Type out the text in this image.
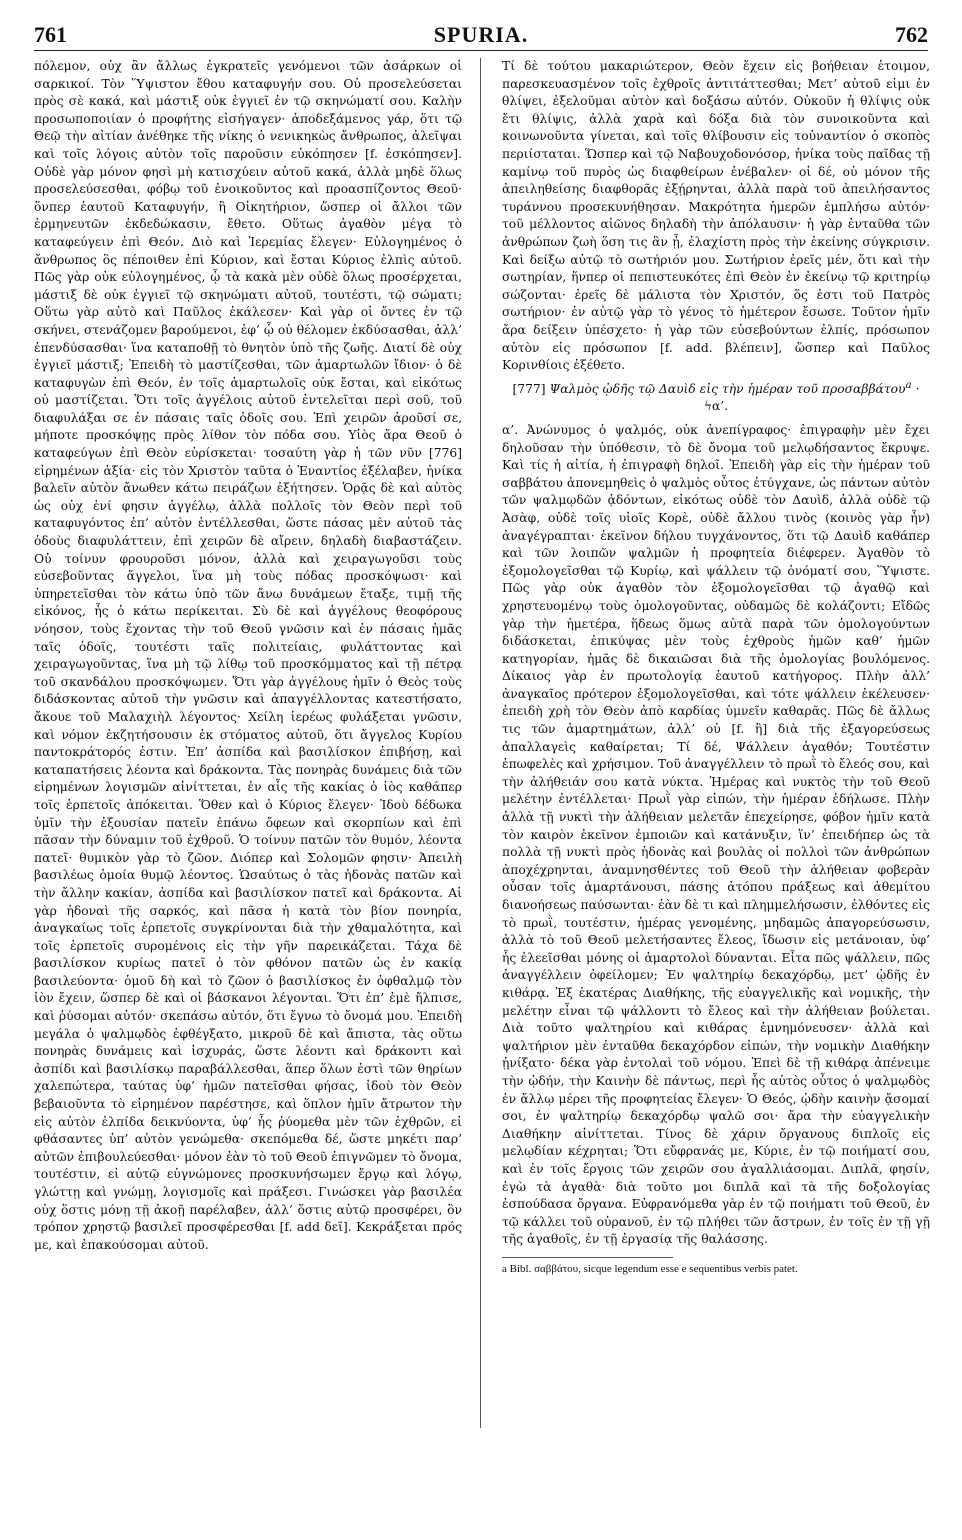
761	SPURIA.	762

πόλεμον, οὐχ ἂν ἄλλως ἐγκρατεῖς γενόμενοι τῶν ἀσάρκων οἱ σαρκικοί. Τὸν Ὕψιστον ἔθου καταφυγήν σου. Οὐ προσελεύσεται πρὸς σὲ κακά, καὶ μάστιξ οὐκ ἐγγιεῖ ἐν τῷ σκηνώματί σου. Καλὴν προσωποποιίαν ὁ προφήτης εἰσήγαγεν· ἀποδεξάμενος γάρ, ὅτι τῷ Θεῷ τὴν αἰτίαν ἀνέθηκε τῆς νίκης ὁ νενικηκὼς ἄνθρωπος, ἀλεῖψαι καὶ τοῖς λόγοις αὐτὸν τοῖς παροῦσιν εὐκόπησεν [f. ἐσκόπησεν]. Οὐδὲ γὰρ μόνον φησὶ μὴ κατισχύειν αὐτοῦ κακά, ἀλλὰ μηδὲ ὅλως προσελεύσεσθαι, φόβῳ τοῦ ἐνοικοῦντος καὶ προασπίζοντος Θεοῦ· ὅνπερ ἑαυτοῦ Καταφυγήν, ἢ Οἰκητήριον, ὥσπερ οἱ ἄλλοι τῶν ἑρμηνευτῶν ἐκδεδώκασιν, ἔθετο. Οὕτως ἀγαθὸν μέγα τὸ καταφεύγειν ἐπὶ Θεόν. Διὸ καὶ Ἱερεμίας ἔλεγεν· Εὐλογημένος ὁ ἄνθρωπος ὃς πέποιθεν ἐπὶ Κύριον, καὶ ἔσται Κύριος ἐλπὶς αὐτοῦ. Πῶς γὰρ οὐκ εὐλογημένος, ᾧ τὰ κακὰ μὲν οὐδὲ ὅλως προσέρχεται, μάστιξ δὲ οὐκ ἐγγιεῖ τῷ σκηνώματι αὐτοῦ, τουτέστι, τῷ σώματι; Οὕτω γὰρ αὐτὸ καὶ Παῦλος ἐκάλεσεν· Καὶ γὰρ οἱ ὄντες ἐν τῷ σκήνει, στενάζομεν βαρούμενοι, ἐφ’ ᾧ οὐ θέλομεν ἐκδύσασθαι, ἀλλ’ ἐπενδύσασθαι· ἵνα καταποθῇ τὸ θνητὸν ὑπὸ τῆς ζωῆς. Διατί δὲ οὐχ ἐγγιεῖ μάστιξ; Ἐπειδὴ τὸ μαστίζεσθαι, τῶν ἁμαρτωλῶν ἴδιον· ὁ δὲ καταφυγὼν ἐπὶ Θεόν, ἐν τοῖς ἁμαρτωλοῖς οὐκ ἔσται, καὶ εἰκότως οὐ μαστίζεται. Ὅτι τοῖς ἀγγέλοις αὐτοῦ ἐντελεῖται περὶ σοῦ, τοῦ διαφυλάξαι σε ἐν πάσαις ταῖς ὁδοῖς σου. Ἐπὶ χειρῶν ἀροῦσί σε, μήποτε προσκόψῃς πρὸς λίθον τὸν πόδα σου. Υἱὸς ἄρα Θεοῦ ὁ καταφεύγων ἐπὶ Θεὸν εὑρίσκεται· τοσαύτη γὰρ ἡ τῶν νῦν [776] εἰρημένων ἀξία· εἰς τὸν Χριστὸν ταῦτα ὁ Ἐναντίος ἐξέλαβεν, ἡνίκα βαλεῖν αὐτὸν ἄνωθεν κάτω πειράζων ἐξήτησεν. Ὁρᾷς δὲ καὶ αὐτὸς ὡς οὐχ ἑνί φησιν ἀγγέλῳ, ἀλλὰ πολλοῖς τὸν Θεὸν περὶ τοῦ καταφυγόντος ἐπ’ αὐτὸν ἐντέλλεσθαι, ὥστε πάσας μὲν αὐτοῦ τὰς ὁδοὺς διαφυλάττειν, ἐπὶ χειρῶν δὲ αἴρειν, δηλαδὴ διαβαστάζειν. Οὐ τοίνυν φρουροῦσι μόνον, ἀλλὰ καὶ χειραγωγοῦσι τοὺς εὐσεβοῦντας ἄγγελοι, ἵνα μὴ τοὺς πόδας προσκόψωσι· καὶ ὑπηρετεῖσθαι τὸν κάτω ὑπὸ τῶν ἄνω δυνάμεων ἔταξε, τιμῇ τῆς εἰκόνος, ἧς ὁ κάτω περίκειται. Σὺ δὲ καὶ ἀγγέλους θεοφόρους νόησον, τοὺς ἔχοντας τὴν τοῦ Θεοῦ γνῶσιν καὶ ἐν πάσαις ἡμᾶς ταῖς ὁδοῖς, τουτέστι ταῖς πολιτείαις, φυλάττοντας καὶ χειραγωγοῦντας, ἵνα μὴ τῷ λίθῳ τοῦ προσκόμματος καὶ τῇ πέτρᾳ τοῦ σκανδάλου προσκόψωμεν. Ὅτι γὰρ ἀγγέλους ἡμῖν ὁ Θεὸς τοὺς διδάσκοντας αὐτοῦ τὴν γνῶσιν καὶ ἀπαγγέλλοντας κατεστήσατο, ἄκουε τοῦ Μαλαχιὴλ λέγοντος· Χείλη ἱερέως φυλάξεται γνῶσιν, καὶ νόμον ἐκζητήσουσιν ἐκ στόματος αὐτοῦ, ὅτι ἄγγελος Κυρίου παντοκράτορός ἐστιν. Ἐπ’ ἀσπίδα καὶ βασιλίσκον ἐπιβήσῃ, καὶ καταπατήσεις λέοντα καὶ δράκοντα. Τὰς πονηρὰς δυνάμεις διὰ τῶν εἰρημένων λογισμῶν αἰνίττεται, ἐν αἷς τῆς κακίας ὁ ἰὸς καθάπερ τοῖς ἑρπετοῖς ἀπόκειται. Ὅθεν καὶ ὁ Κύριος ἔλεγεν· Ἰδοὺ δέδωκα ὑμῖν τὴν ἐξουσίαν πατεῖν ἐπάνω ὄφεων καὶ σκορπίων καὶ ἐπὶ πᾶσαν τὴν δύναμιν τοῦ ἐχθροῦ. Ὁ τοίνυν πατῶν τὸν θυμόν, λέοντα πατεῖ· θυμικὸν γὰρ τὸ ζῶον. Διόπερ καὶ Σολομῶν φησιν· Ἀπειλὴ βασιλέως ὁμοία θυμῷ λέοντος. Ὡσαύτως ὁ τὰς ἡδονὰς πατῶν καὶ τὴν ἄλλην κακίαν, ἀσπίδα καὶ βασιλίσκον πατεῖ καὶ δράκοντα. Αἱ γὰρ ἡδοναὶ τῆς σαρκός, καὶ πᾶσα ἡ κατὰ τὸν βίον πονηρία, ἀναγκαίως τοῖς ἑρπετοῖς συγκρίνονται διὰ τὴν χθαμαλότητα, καὶ τοῖς ἑρπετοῖς συρομένοις εἰς τὴν γῆν παρεικάζεται. Τάχα δὲ βασιλίσκον κυρίως πατεῖ ὁ τὸν φθόνον πατῶν ὡς ἐν κακίᾳ βασιλεύοντα· ὁμοῦ δὴ καὶ τὸ ζῶον ὁ βασιλίσκος ἐν ὀφθαλμῷ τὸν ἰὸν ἔχειν, ὥσπερ δὲ καὶ οἱ βάσκανοι λέγονται. Ὅτι ἐπ’ ἐμὲ ἤλπισε, καὶ ῥύσομαι αὐτόν· σκεπάσω αὐτόν, ὅτι ἔγνω τὸ ὄνομά μου. Ἐπειδὴ μεγάλα ὁ ψαλμῳδὸς ἐφθέγξατο, μικροῦ δὲ καὶ ἄπιστα, τὰς οὕτω πονηρὰς δυνάμεις καὶ ἰσχυράς, ὥστε λέοντι καὶ δράκοντι καὶ ἀσπίδι καὶ βασιλίσκῳ παραβάλλεσθαι, ἅπερ ὅλων ἐστὶ τῶν θηρίων χαλεπώτερα, ταύτας ὑφ’ ἡμῶν πατεῖσθαι φήσας, ἰδοὺ τὸν Θεὸν βεβαιοῦντα τὸ εἰρημένον παρέστησε, καὶ ὅπλον ἡμῖν ἄτρωτον τὴν εἰς αὐτὸν ἐλπίδα δεικνύοντα, ὑφ’ ἧς ῥύομεθα μὲν τῶν ἐχθρῶν, εἰ φθάσαντες ὑπ’ αὐτὸν γενώμεθα· σκεπόμεθα δέ, ὥστε μηκέτι παρ’ αὐτῶν ἐπιβουλεύεσθαι· μόνον ἐὰν τὸ τοῦ Θεοῦ ἐπιγνῶμεν τὸ ὄνομα, τουτέστιν, εἰ αὐτῷ εὐγνώμονες προσκυνήσωμεν ἔργῳ καὶ λόγῳ, γλώττῃ καὶ γνώμῃ, λογισμοῖς καὶ πράξεσι. Γινώσκει γὰρ βασιλέα οὐχ ὅστις μόνῃ τῇ ἀκοῇ παρέλαβεν, ἀλλ’ ὅστις αὐτῷ προσφέρει, ὃν τρόπον χρηστῷ βασιλεῖ προσφέρεσθαι [f. add δεῖ]. Κεκράξεται πρός με, καὶ ἐπακούσομαι αὐτοῦ.

Τί δὲ τούτου μακαριώτερον, Θεὸν ἔχειν εἰς βοήθειαν ἑτοιμον, παρεσκευασμένον τοῖς ἐχθροῖς ἀντιτάττεσθαι; Μετ’ αὐτοῦ εἰμι ἐν θλίψει, ἐξελοῦμαι αὐτὸν καὶ δοξάσω αὐτόν. Οὐκοῦν ἡ θλίψις οὐκ ἔτι θλίψις, ἀλλὰ χαρὰ καὶ δόξα διὰ τὸν συνοικοῦντα καὶ κοινωνοῦντα γίνεται, καὶ τοῖς θλίβουσιν εἰς τοὐναντίον ὁ σκοπὸς περιίσταται. Ὥσπερ καὶ τῷ Ναβουχοδονόσορ, ἡνίκα τοὺς παῖδας τῇ καμίνῳ τοῦ πυρὸς ὡς διαφθείρων ἐνέβαλεν· οἱ δέ, οὐ μόνον τῆς ἀπειληθείσης διαφθορᾶς ἐξῄρηνται, ἀλλὰ παρὰ τοῦ ἀπειλήσαντος τυράννου προσεκυνήθησαν. Μακρότητα ἡμερῶν ἐμπλήσω αὐτόν· τοῦ μέλλοντος αἰῶνος δηλαδὴ τὴν ἀπόλαυσιν· ἡ γὰρ ἐνταῦθα τῶν ἀνθρώπων ζωὴ ὅση τις ἂν ᾖ, ἐλαχίστη πρὸς τὴν ἐκείνης σύγκρισιν. Καὶ δείξω αὐτῷ τὸ σωτήριόν μου. Σωτήριον ἐρεῖς μέν, ὅτι καὶ τὴν σωτηρίαν, ἥνπερ οἱ πεπιστευκότες ἐπὶ Θεὸν ἐν ἐκείνῳ τῷ κριτηρίῳ σώζονται· ἐρεῖς δὲ μάλιστα τὸν Χριστόν, ὅς ἐστι τοῦ Πατρὸς σωτήριον· ἐν αὐτῷ γὰρ τὸ γένος τὸ ἡμέτερον ἔσωσε. Τοῦτον ἡμῖν ἄρα δείξειν ὑπέσχετο· ἡ γὰρ τῶν εὐσεβούντων ἐλπίς, πρόσωπον αὐτὸν εἰς πρόσωπον [f. add. βλέπειν], ὥσπερ καὶ Παῦλος Κορινθίοις ἐξέθετο.

[777] Ψαλμὸς ᾠδῆς τῷ Δαυὶδ εἰς τὴν ἡμέραν τοῦ προσαββάτου$^a$ · ϟα’.

α’. Ἀνώνυμος ὁ ψαλμός, οὐκ ἀνεπίγραφος· ἐπιγραφὴν μὲν ἔχει δηλοῦσαν τὴν ὑπόθεσιν, τὸ δὲ ὄνομα τοῦ μελῳδήσαντος ἔκρυψε. Καὶ τίς ἡ αἰτία, ἡ ἐπιγραφὴ δηλοῖ. Ἐπειδὴ γὰρ εἰς τὴν ἡμέραν τοῦ σαββάτου ἀπονεμηθεὶς ὁ ψαλμὸς οὗτος ἐτύγχανε, ὡς πάντων αὐτὸν τῶν ψαλμῳδῶν ᾀδόντων, εἰκότως οὐδὲ τὸν Δαυὶδ, ἀλλὰ οὐδὲ τῷ Ἀσὰφ, οὐδὲ τοῖς υἱοῖς Κορὲ, οὐδὲ ἄλλου τινὸς (κοινὸς γὰρ ἦν) ἀναγέγραπται· ἐκεῖνον δήλου τυγχάνοντος, ὅτι τῷ Δαυὶδ καθάπερ καὶ τῶν λοιπῶν ψαλμῶν ἡ προφητεία διέφερεν. Ἀγαθὸν τὸ ἐξομολογεῖσθαι τῷ Κυρίῳ, καὶ ψάλλειν τῷ ὀνόματί σου, Ὕψιστε. Πῶς γὰρ οὐκ ἀγαθὸν τὸν ἐξομολογεῖσθαι τῷ ἀγαθῷ καὶ χρηστευομένῳ τοὺς ὁμολογοῦντας, οὐδαμῶς δὲ κολάζοντι; Εἴδῶς γὰρ τὴν ἡμετέρα, ἥδεως ὅμως αὐτὰ παρὰ τῶν ὁμολογούντων διδάσκεται, ἐπικύψας μὲν τοὺς ἐχθροὺς ἡμῶν καθ’ ἡμῶν κατηγορίαν, ἡμᾶς δὲ δικαιῶσαι διὰ τῆς ὁμολογίας βουλόμενος. Δίκαιος γὰρ ἐν πρωτολογίᾳ ἑαυτοῦ κατήγορος. Πλὴν ἀλλ’ ἀναγκαῖος πρότερον ἐξομολογεῖσθαι, καὶ τότε ψάλλειν ἐκέλευσεν· ἐπειδὴ χρὴ τὸν Θεὸν ἀπὸ καρδίας ὑμνεῖν καθαρᾶς. Πῶς δὲ ἄλλως τις τῶν ἁμαρτημάτων, ἀλλ’ οὐ [f. ἢ] διὰ τῆς ἐξαγορεύσεως ἀπαλλαγεὶς καθαίρεται; Τί δέ, Ψάλλειν ἀγαθόν; Τουτέστιν ἐπωφελὲς καὶ χρήσιμον. Τοῦ ἀναγγέλλειν τὸ πρωῒ τὸ ἔλεός σου, καὶ τὴν ἀλήθειάν σου κατὰ νύκτα. Ἡμέρας καὶ νυκτὸς τὴν τοῦ Θεοῦ μελέτην ἐντέλλεται· Πρωῒ γὰρ εἰπών, τὴν ἡμέραν ἐδήλωσε. Πλὴν ἀλλὰ τῇ νυκτὶ τὴν ἀλήθειαν μελετᾶν ἐπεχείρησε, φόβον ἡμῖν κατὰ τὸν καιρὸν ἐκεῖνον ἐμποιῶν καὶ κατάνυξιν, ἵν’ ἐπειδήπερ ὡς τὰ πολλὰ τῇ νυκτὶ πρὸς ἡδονὰς καὶ βουλὰς οἱ πολλοὶ τῶν ἀνθρώπων ἀποχέχρηνται, ἀναμνησθέντες τοῦ Θεοῦ τὴν ἀλήθειαν φοβερὰν οὖσαν τοῖς ἁμαρτάνουσι, πάσης ἀτόπου πράξεως καὶ ἀθεμίτου διανοήσεως παύσωνται· ἐὰν δὲ τι καὶ πλημμελήσωσιν, ἐλθόντες εἰς τὸ πρωῒ, τουτέστιν, ἡμέρας γενομένης, μηδαμῶς ἀπαγορεύσωσιν, ἀλλὰ τὸ τοῦ Θεοῦ μελετήσαντες ἔλεος, ἴδωσιν εἰς μετάνοιαν, ὑφ’ ἧς ἐλεεῖσθαι μόνης οἱ ἁμαρτολοὶ δύνανται. Εἶτα πῶς ψάλλειν, πῶς ἀναγγέλλειν ὀφείλομεν; Ἐν ψαλτηρίῳ δεκαχόρδῳ, μετ’ ᾠδῆς ἐν κιθάρᾳ. Ἐξ ἑκατέρας Διαθήκης, τῆς εὐαγγελικῆς καὶ νομικῆς, τὴν μελέτην εἶναι τῷ ψάλλοντι τὸ ἔλεος καὶ τὴν ἀλήθειαν βούλεται. Διὰ τοῦτο ψαλτηρίου καὶ κιθάρας ἐμνημόνευσεν· ἀλλὰ καὶ ψαλτήριον μὲν ἐνταῦθα δεκαχόρδον εἰπών, τὴν νομικὴν Διαθήκην ᾐνίξατο· δέκα γὰρ ἐντολαὶ τοῦ νόμου. Ἐπεὶ δὲ τῇ κιθάρᾳ ἀπένειμε τὴν ᾠδήν, τὴν Καινὴν δὲ πάντως, περὶ ἧς αὐτὸς οὗτος ὁ ψαλμῳδὸς ἐν ἄλλῳ μέρει τῆς προφητείας ἔλεγεν· Ὁ Θεός, ᾠδὴν καινὴν ᾄσομαί σοι, ἐν ψαλτηρίῳ δεκαχόρδῳ ψαλῶ σοι· ἄρα τὴν εὐαγγελικὴν Διαθήκην αἰνίττεται. Τίνος δὲ χάριν ὄργανους διπλοῖς εἰς μελῳδίαν κέχρηται; Ὅτι εὔφρανάς με, Κύριε, ἐν τῷ ποιήματί σου, καὶ ἐν τοῖς ἔργοις τῶν χειρῶν σου ἀγαλλιάσομαι. Διπλᾶ, φησίν, ἐγὼ τὰ ἀγαθὰ· διὰ τοῦτο μοι διπλᾶ καὶ τὰ τῆς δοξολογίας ἐσπούδασα ὄργανα. Εὐφρανόμεθα γὰρ ἐν τῷ ποιήματι τοῦ Θεοῦ, ἐν τῷ κάλλει τοῦ οὐρανοῦ, ἐν τῷ πλήθει τῶν ἄστρων, ἐν τοῖς ἐν τῇ γῇ τῆς ἀγαθοῖς, ἐν τῇ ἐργασίᾳ τῆς θαλάσσης.

a Bibl. σαββάτου, sicque legendum esse e sequentibus verbis patet.
